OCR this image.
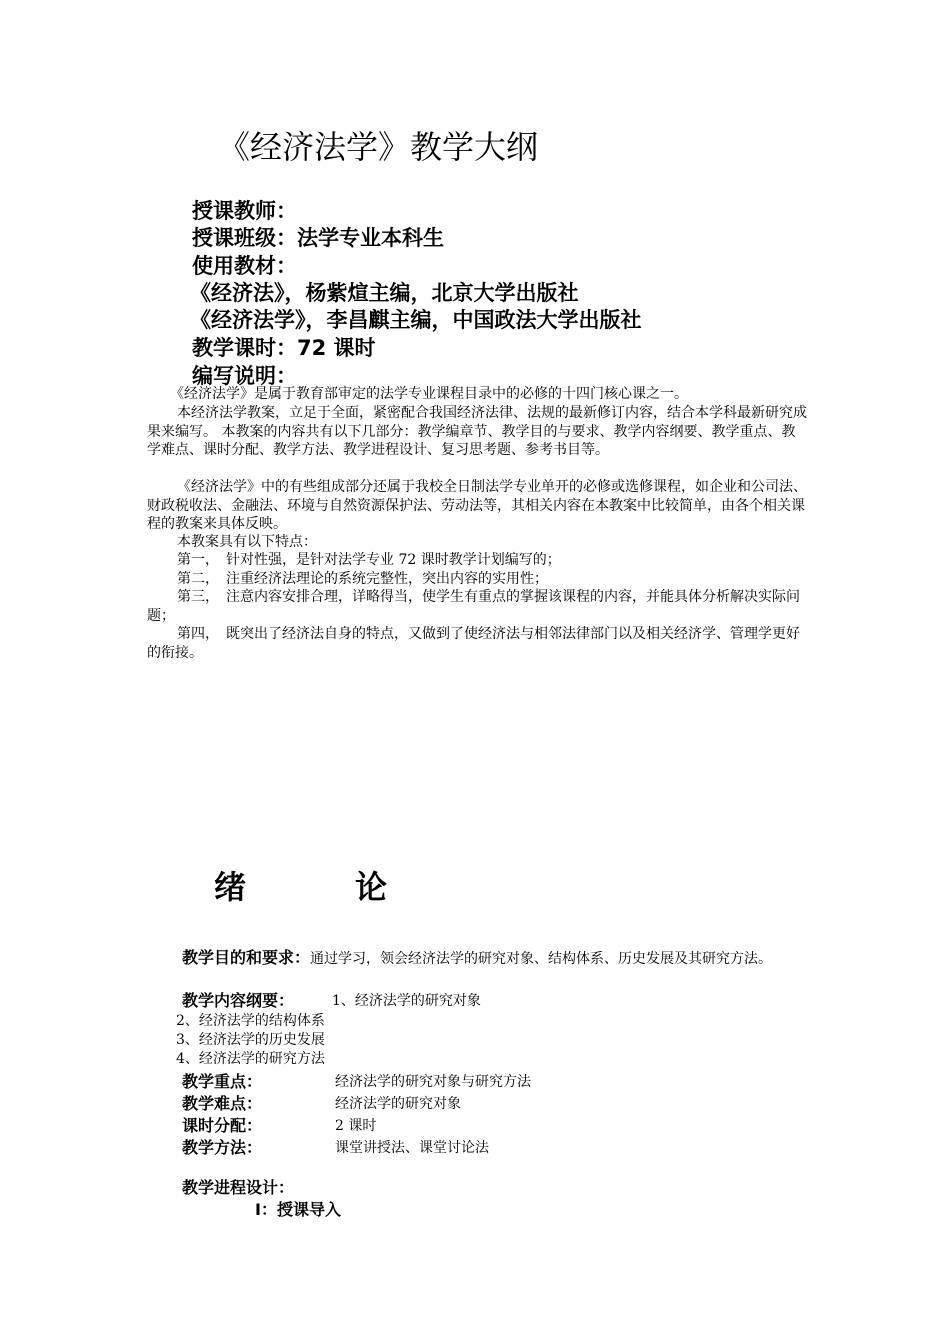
《经济法学》教学大纲
授课教师：
授课班级：法学专业本科生
使用教材：
《经济法》，杨紫煊主编，北京大学出版社
《经济法学》，李昌麒主编，中国政法大学出版社
教学课时：72 课时
编写说明：
《经济法学》是属于教育部审定的法学专业课程目录中的必修的十四门核心课之一。
本经济法学教案，立足于全面，紧密配合我国经济法律、法规的最新修订内容，结合本学科最新研究成果来编写。 本教案的内容共有以下几部分：教学编章节、教学目的与要求、教学内容纲要、教学重点、教学难点、课时分配、教学方法、教学进程设计、复习思考题、参考书目等。
《经济法学》中的有些组成部分还属于我校全日制法学专业单开的必修或选修课程，如企业和公司法、财政税收法、金融法、环境与自然资源保护法、劳动法等，其相关内容在本教案中比较简单，由各个相关课程的教案来具体反映。
本教案具有以下特点：
第一，　针对性强，是针对法学专业 72 课时教学计划编写的；
第二，　注重经济法理论的系统完整性，突出内容的实用性；
第三，　注意内容安排合理，详略得当，使学生有重点的掌握该课程的内容，并能具体分析解决实际问题；
第四，　既突出了经济法自身的特点，又做到了使经济法与相邻法律部门以及相关经济学、管理学更好的衔接。
绪	论
教学目的和要求：通过学习，领会经济法学的研究对象、结构体系、历史发展及其研究方法。
教学内容纲要：	1、经济法学的研究对象
2、经济法学的结构体系
3、经济法学的历史发展
4、经济法学的研究方法
教学重点：	经济法学的研究对象与研究方法
教学难点：	经济法学的研究对象
课时分配：	2 课时
教学方法：	课堂讲授法、课堂讨论法
教学进程设计：
Ⅰ：授课导入
